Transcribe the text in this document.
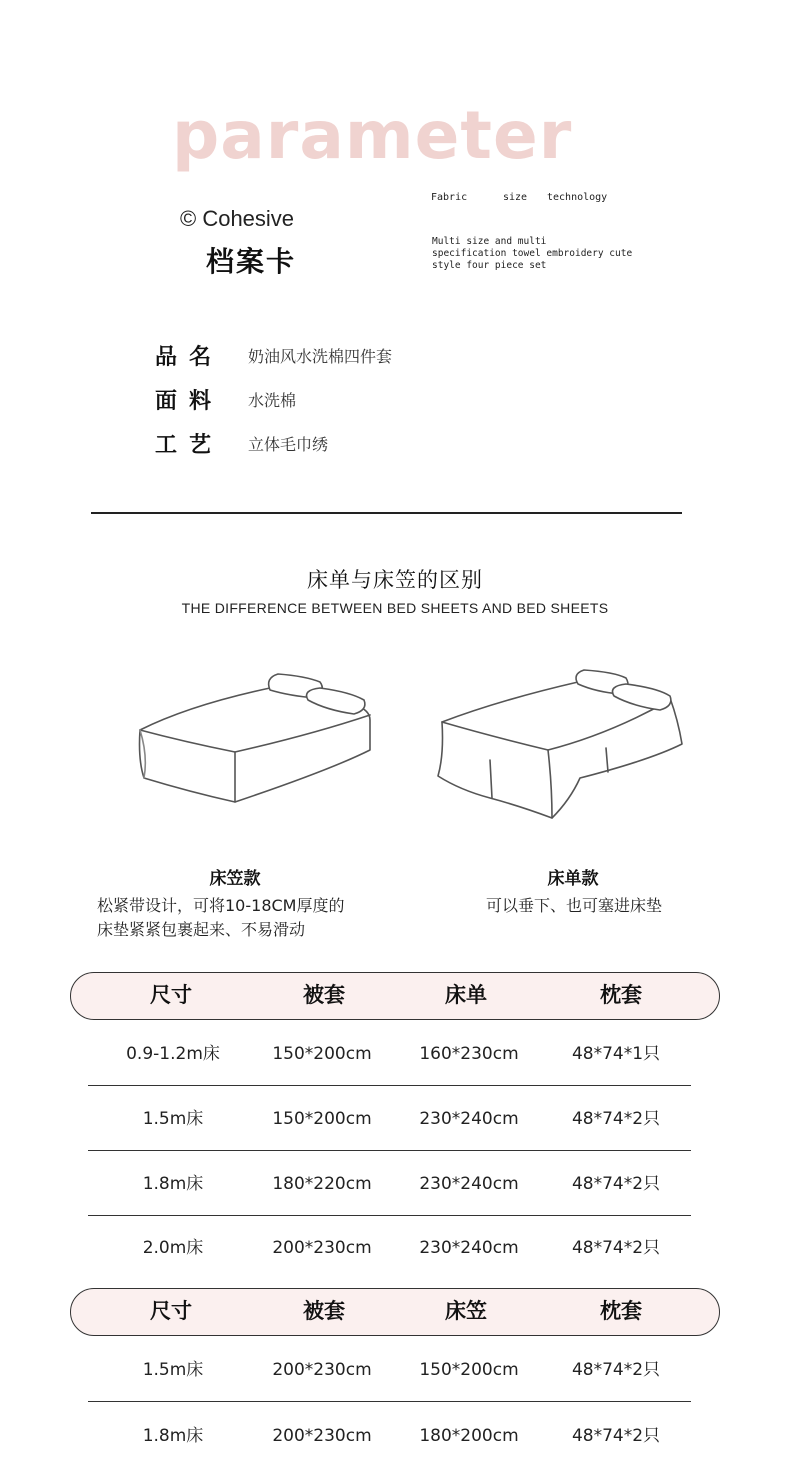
parameter
© Cohesive
档案卡
Fabric	size technology
Multi size and multi
specification towel embroidery cute
style four piece set
品名 奶油风水洗棉四件套
面料 水洗棉
工艺 立体毛巾绣
床单与床笠的区别
THE DIFFERENCE BETWEEN BED SHEETS AND BED SHEETS
床笠款
松紧带设计，可将10-18CM厚度的
床垫紧紧包裹起来、不易滑动
床单款
可以垂下、也可塞进床垫
尺寸	被套	床单	枕套
0.9-1.2m床	150*200cm	160*230cm	48*74*1只
1.5m床	150*200cm	230*240cm	48*74*2只
1.8m床	180*220cm	230*240cm	48*74*2只
2.0m床	200*230cm	230*240cm	48*74*2只
尺寸	被套	床笠	枕套
1.5m床	200*230cm	150*200cm	48*74*2只
1.8m床	200*230cm	180*200cm	48*74*2只
